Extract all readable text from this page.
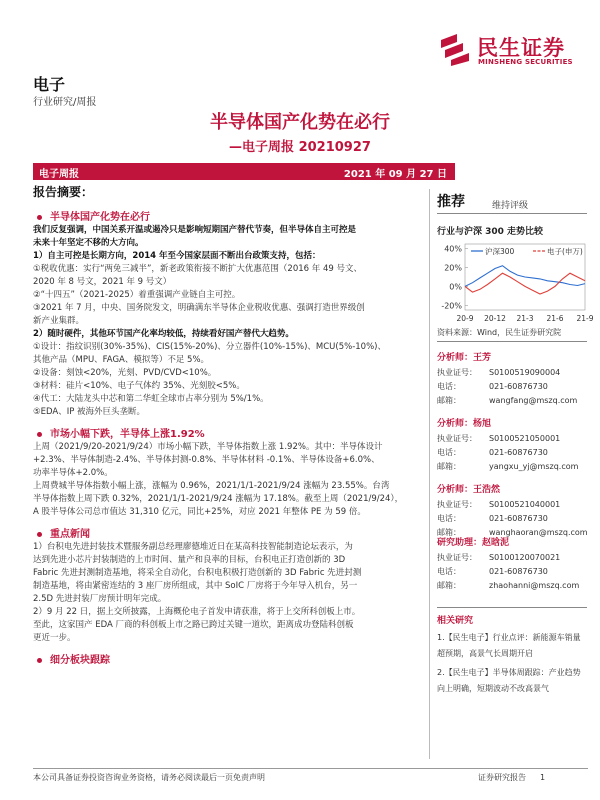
民生证券
MINSHENG SECURITIES
电子
行业研究/周报
半导体国产化势在必行
—电子周报 20210927
电子周报	2021 年 09 月 27 日
报告摘要：
半导体国产化势在必行

我们反复强调，中国关系开温或遏冷只是影响短期国产替代节奏，但半导体自主可控是

未来十年坚定不移的大方向。

1）自主可控是长期方向，2014 年至今国家层面不断出台政策支持，包括：

①税收优惠：实行“两免三减半”，新老政策衔接不断扩大优惠范围（2016 年 49 号文、

2020 年 8 号文，2021 年 9 号文）

②“十四五”（2021-2025）着重强调产业链自主可控。

③2021 年 7 月，中央、国务院发文，明确满东半导体企业税收优惠、强调打造世界级创

新产业集群。

2）随时硬件，其他环节国产化率均较低，持续看好国产替代大趋势。

①设计：指纹识别(30%-35%)、CIS(15%-20%)、分立器件(10%-15%)、MCU(5%-10%)、

其他产品（MPU、FAGA、模拟等）不足 5%。

②设备：刻蚀<20%，光刻、PVD/CVD<10%。

③材料：硅片<10%、电子气体约 35%、光刻胶<5%。

④代工：大陆龙头中芯和第二华虹全球市占率分别为 5%/1%。

⑤EDA、IP 被海外巨头垄断。

市场小幅下跌，半导体上涨1.92%

上周（2021/9/20-2021/9/24）市场小幅下跌，半导体指数上涨 1.92%。其中：半导体设计

+2.3%、半导体制造-2.4%、半导体封测-0.8%、半导体材料 -0.1%、半导体设备+6.0%、

功率半导体+2.0%。

上周费城半导体指数小幅上涨，涨幅为 0.96%，2021/1/1-2021/9/24 涨幅为 23.55%。台湾

半导体指数上周下跌 0.32%，2021/1/1-2021/9/24 涨幅为 17.18%。截至上周（2021/9/24），

A 股半导体公司总市值达 31,310 亿元，同比+25%，对应 2021 年整体 PE 为 59 倍。

重点新闻

1）台积电先进封装技术暨服务副总经理廖德堆近日在某高科技智能制造论坛表示，为

达到先进小芯片封装制造的上市时间、量产和良率的目标，台积电正打造创新的 3D

Fabric 先进封测制造基地，将采全自动化，台积电积极打造创新的 3D Fabric 先进封测

制造基地，将由紧密连结的 3 座厂房所组成，其中 SoIC 厂房将于今年导入机台，另一

2.5D 先进封装厂房预计明年完成。

2）9 月 22 日，据上交所披露，上海概伦电子首发申请获准，将于上交所科创板上市。

至此，这家国产 EDA 厂商的科创板上市之路已跨过关键一道坎，距离成功登陆科创板

更近一步。

细分板块跟踪
推荐	维持评级
行业与沪深 300 走势比较
40%
20%
0%
-20%
20-9 20-12 21-3 21-6 21-9
沪深300	电子(申万)
资料来源：Wind，民生证券研究院
分析师：王芳
执业证号： S0100519090004
电话：	021-60876730
邮箱：	wangfang@mszq.com
分析师：杨旭
执业证号： S0100521050001
电话：	021-60876730
邮箱：	yangxu_yj@mszq.com
分析师：王浩然
执业证号： S0100521040001
电话：	021-60876730
邮箱：	wanghaoran@mszq.com
研究助理：赵晗泥
执业证号： S0100120070021
电话：	021-60876730
邮箱：	zhaohanni@mszq.com
相关研究
1.【民生电子】行业点评：新能源车销量
超预期，高景气长周期开启
2.【民生电子】半导体周跟踪：产业趋势
向上明确，短期波动不改高景气
本公司具备证券投资咨询业务资格，请务必阅读最后一页免责声明	证券研究报告 1
